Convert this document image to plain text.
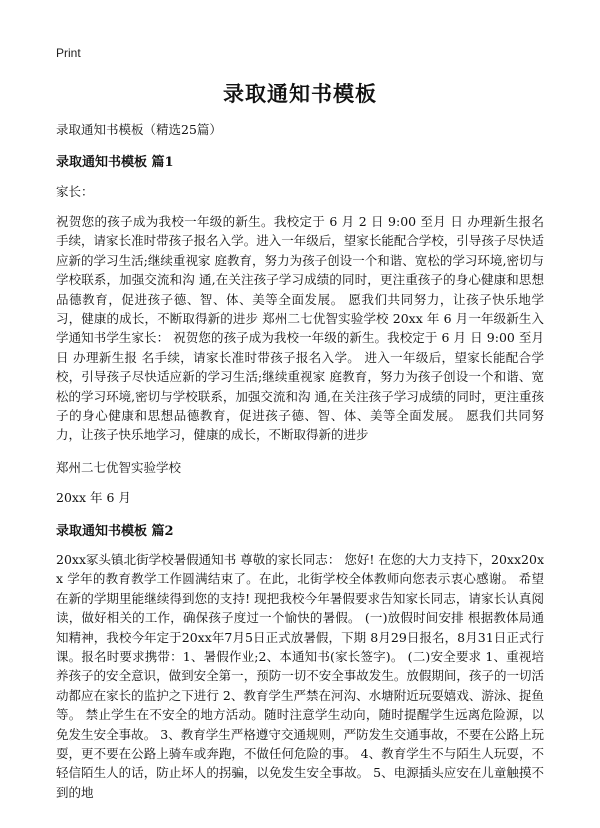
Print
录取通知书模板
录取通知书模板（精选25篇）
录取通知书模板 篇1
家长：

祝贺您的孩子成为我校一年级的新生。我校定于 6 月 2 日 9:00 至月 日 办理新生报名手续，请家长准时带孩子报名入学。进入一年级后，望家长能配合学校，引导孩子尽快适应新的学习生活;继续重视家 庭教育，努力为孩子创设一个和谐、宽松的学习环境,密切与学校联系，加强交流和沟 通,在关注孩子学习成绩的同时，更注重孩子的身心健康和思想品德教育，促进孩子德、智、体、美等全面发展。 愿我们共同努力，让孩子快乐地学习，健康的成长，不断取得新的进步 郑州二七优智实验学校 20xx 年 6 月一年级新生入学通知书学生家长： 祝贺您的孩子成为我校一年级的新生。我校定于 6 月 日 9:00 至月 日 办理新生报 名手续，请家长准时带孩子报名入学。 进入一年级后，望家长能配合学校，引导孩子尽快适应新的学习生活;继续重视家 庭教育，努力为孩子创设一个和谐、宽松的学习环境,密切与学校联系，加强交流和沟 通,在关注孩子学习成绩的同时，更注重孩子的身心健康和思想品德教育，促进孩子德、智、体、美等全面发展。 愿我们共同努力，让孩子快乐地学习，健康的成长，不断取得新的进步

郑州二七优智实验学校
20xx 年 6 月
录取通知书模板 篇2

20xx冢头镇北街学校暑假通知书 尊敬的家长同志： 您好! 在您的大力支持下，20xx20xx 学年的教育教学工作圆满结束了。在此，北街学校全体教师向您表示衷心感谢。 希望在新的学期里能继续得到您的支持! 现把我校今年暑假要求告知家长同志，请家长认真阅读，做好相关的工作，确保孩子度过一个愉快的暑假。 (一)放假时间安排 根据教体局通知精神，我校今年定于20xx年7月5日正式放暑假，下期 8月29日报名，8月31日正式行课。报名时要求携带：1、暑假作业;2、本通知书(家长签字)。 (二)安全要求 1、重视培养孩子的安全意识，做到安全第一，预防一切不安全事故发生。放假期间，孩子的一切活动都应在家长的监护之下进行 2、教育学生严禁在河沟、水塘附近玩耍嬉戏、游泳、捉鱼等。 禁止学生在不安全的地方活动。随时注意学生动向，随时提醒学生远离危险源，以免发生安全事故。 3、教育学生严格遵守交通规则，严防发生交通事故，不要在公路上玩耍，更不要在公路上骑车或奔跑，不做任何危险的事。 4、教育学生不与陌生人玩耍，不轻信陌生人的话，防止坏人的拐骗，以免发生安全事故。 5、电源插头应安在儿童触摸不到的地
